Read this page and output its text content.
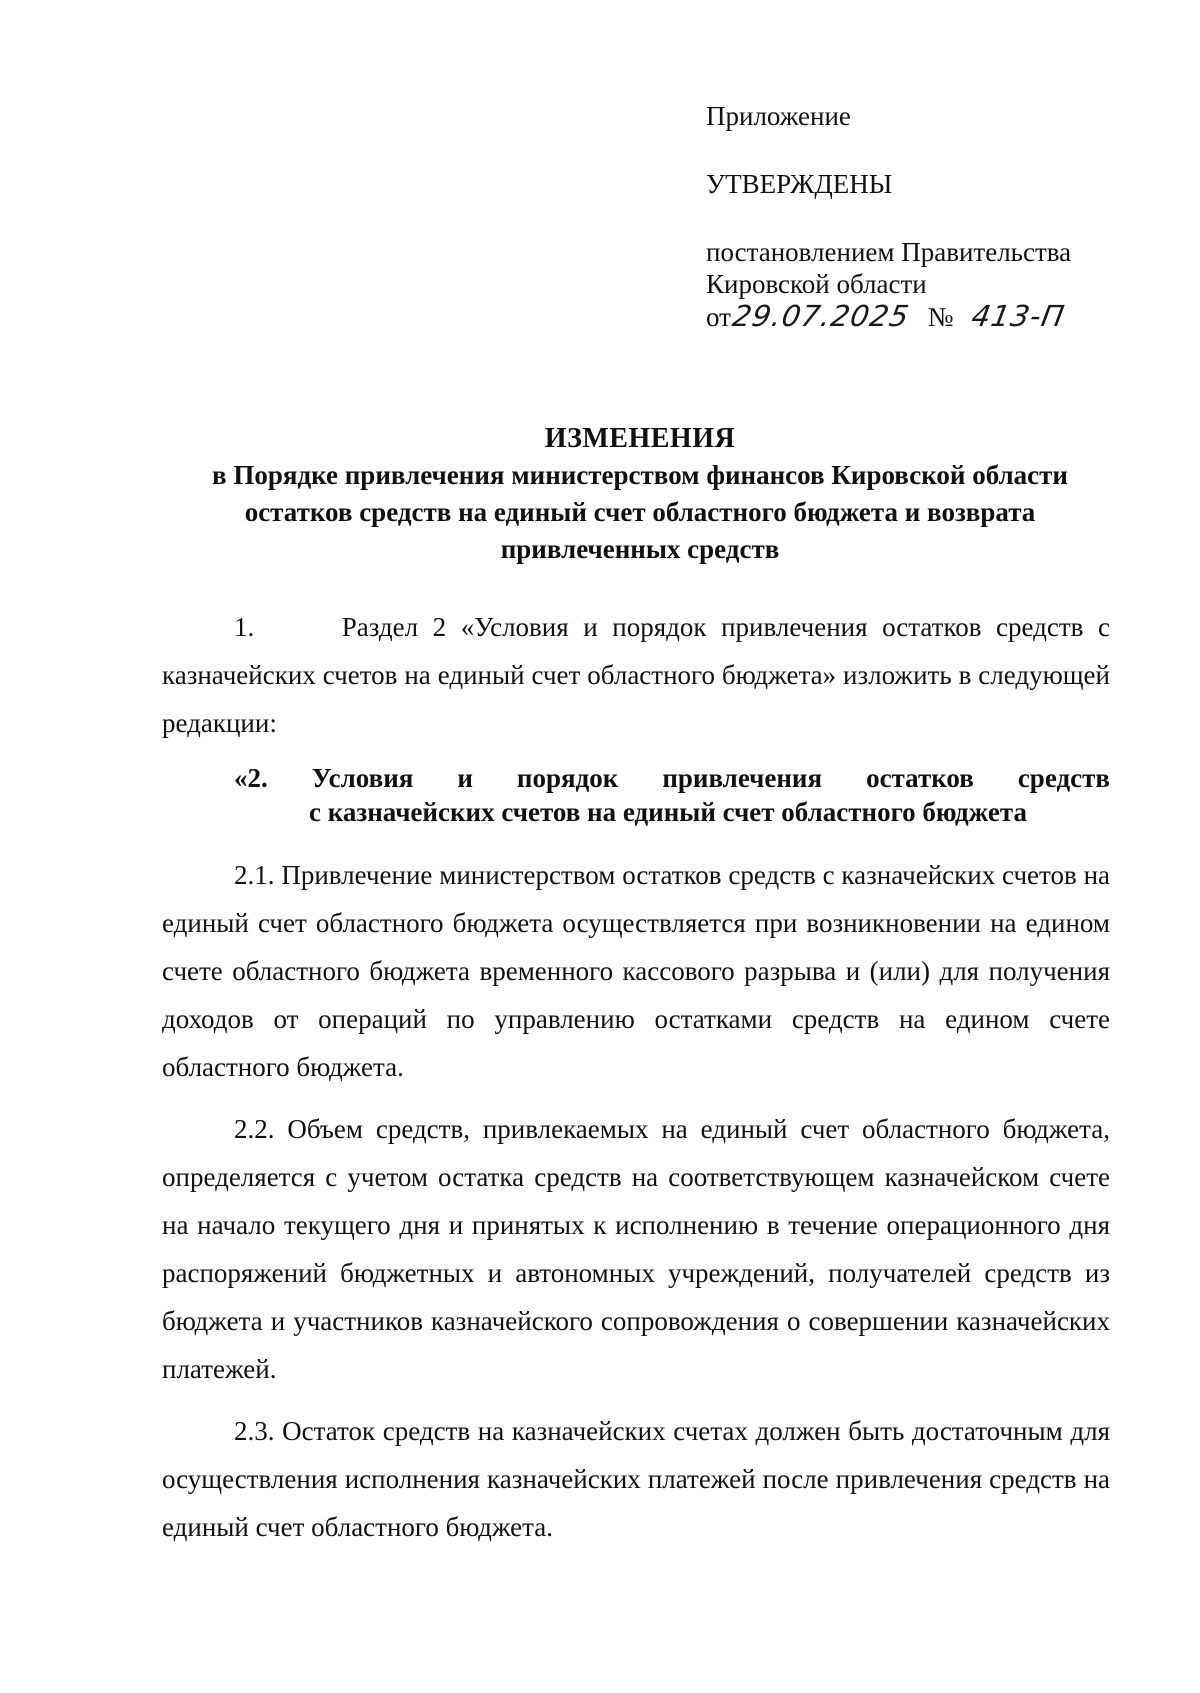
Приложение
УТВЕРЖДЕНЫ
постановлением Правительства
Кировской области
от29.07.2025 № 413-П
ИЗМЕНЕНИЯ
в Порядке привлечения министерством финансов Кировской области
остатков средств на единый счет областного бюджета и возврата
привлеченных средств

1.      Раздел 2 «Условия и порядок привлечения остатков средств с казначейских счетов на единый счет областного бюджета» изложить в следующей редакции:

«2. Условия и порядок привлечения остатков средств
с казначейских счетов на единый счет областного бюджета

2.1. Привлечение министерством остатков средств с казначейских счетов на единый счет областного бюджета осуществляется при возникновении на едином счете областного бюджета временного кассового разрыва и (или) для получения доходов от операций по управлению остатками средств на едином счете областного бюджета.

2.2. Объем средств, привлекаемых на единый счет областного бюджета, определяется с учетом остатка средств на соответствующем казначейском счете на начало текущего дня и принятых к исполнению в течение операционного дня распоряжений бюджетных и автономных учреждений, получателей средств из бюджета и участников казначейского сопровождения о совершении казначейских платежей.

2.3. Остаток средств на казначейских счетах должен быть достаточным для осуществления исполнения казначейских платежей после привлечения средств на единый счет областного бюджета.
